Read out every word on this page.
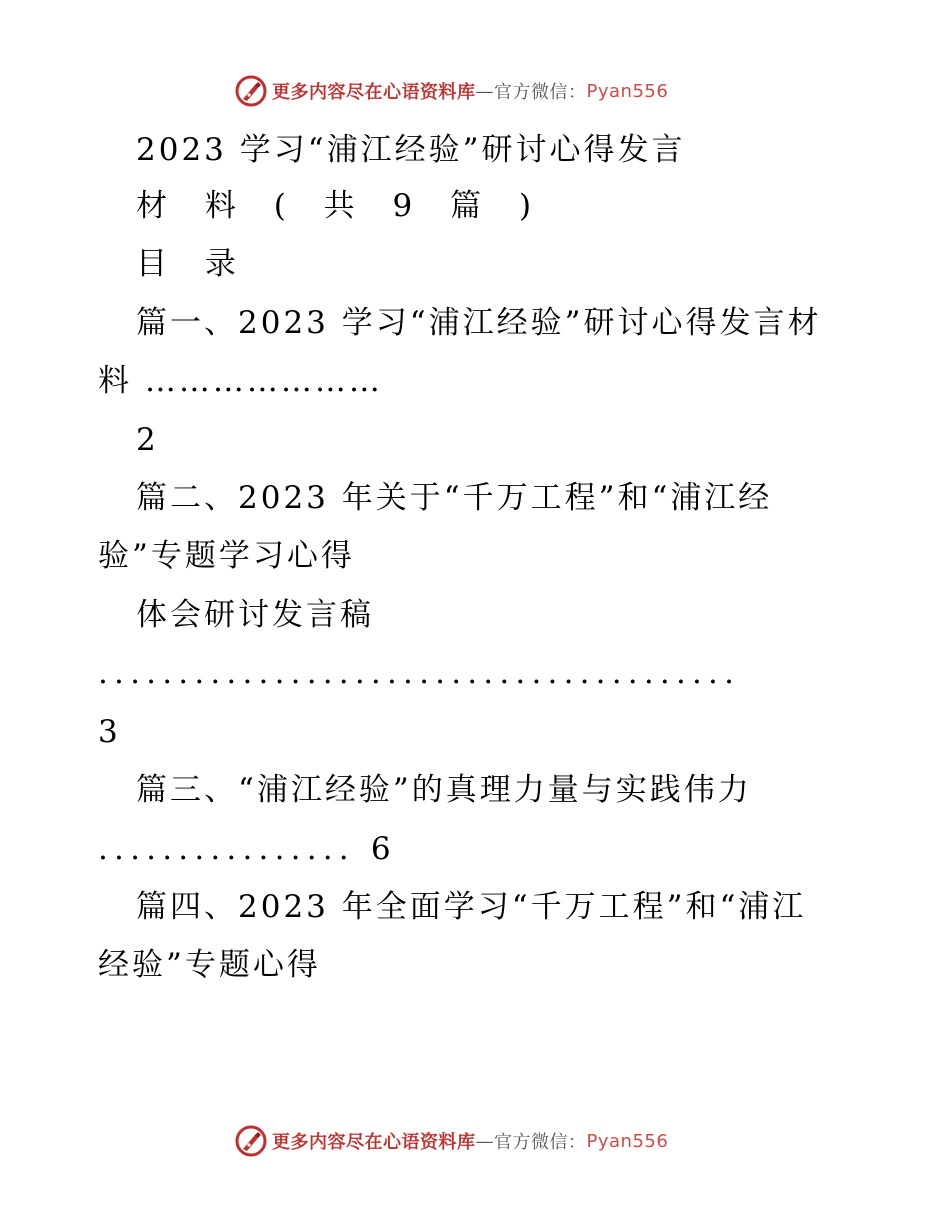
更多内容尽在心语资料库 — 官方微信： Pyan556
2023 学习“浦江经验”研讨心得发言
材 料 ( 共 9 篇 )
目 录
篇一、2023 学习“浦江经验”研讨心得发言材
料 …………………
2
篇二、2023 年关于“千万工程”和“浦江经
验”专题学习心得
体会研讨发言稿
........................................
3
篇三、“浦江经验”的真理力量与实践伟力
................ 6
篇四、2023 年全面学习“千万工程”和“浦江
经验”专题心得
更多内容尽在心语资料库 — 官方微信： Pyan556
